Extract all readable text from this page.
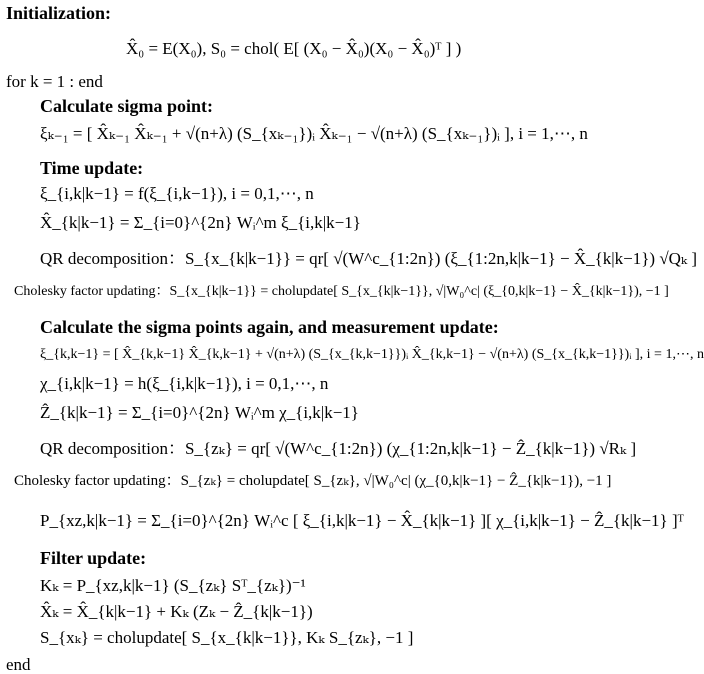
Initialization:
X̂₀ = E(X₀), S₀ = chol( E[ (X₀ − X̂₀)(X₀ − X̂₀)ᵀ ] )
for k = 1 : end
Calculate sigma point:
ξₖ₋₁ = [ X̂ₖ₋₁ X̂ₖ₋₁ + √(n+λ) (S_{xₖ₋₁})ᵢ X̂ₖ₋₁ − √(n+λ) (S_{xₖ₋₁})ᵢ ], i = 1,⋯, n
Time update:
ξ_{i,k|k−1} = f(ξ_{i,k−1}), i = 0,1,⋯, n
X̂_{k|k−1} = Σ_{i=0}^{2n} Wᵢ^m ξ_{i,k|k−1}
QR decomposition：S_{x_{k|k−1}} = qr[ √(W^c_{1:2n}) (ξ_{1:2n,k|k−1} − X̂_{k|k−1}) √Qₖ ]
Cholesky factor updating：S_{x_{k|k−1}} = cholupdate[ S_{x_{k|k−1}}, √|W₀^c| (ξ_{0,k|k−1} − X̂_{k|k−1}), −1 ]
Calculate the sigma points again, and measurement update:
ξ_{k,k−1} = [ X̂_{k,k−1} X̂_{k,k−1} + √(n+λ) (S_{x_{k,k−1}})ᵢ X̂_{k,k−1} − √(n+λ) (S_{x_{k,k−1}})ᵢ ], i = 1,⋯, n
χ_{i,k|k−1} = h(ξ_{i,k|k−1}), i = 0,1,⋯, n
Ẑ_{k|k−1} = Σ_{i=0}^{2n} Wᵢ^m χ_{i,k|k−1}
QR decomposition：S_{zₖ} = qr[ √(W^c_{1:2n}) (χ_{1:2n,k|k−1} − Ẑ_{k|k−1}) √Rₖ ]
Cholesky factor updating：S_{zₖ} = cholupdate[ S_{zₖ}, √|W₀^c| (χ_{0,k|k−1} − Ẑ_{k|k−1}), −1 ]
P_{xz,k|k−1} = Σ_{i=0}^{2n} Wᵢ^c [ ξ_{i,k|k−1} − X̂_{k|k−1} ][ χ_{i,k|k−1} − Ẑ_{k|k−1} ]ᵀ
Filter update:
Kₖ = P_{xz,k|k−1} (S_{zₖ} Sᵀ_{zₖ})⁻¹
X̂ₖ = X̂_{k|k−1} + Kₖ (Zₖ − Ẑ_{k|k−1})
S_{xₖ} = cholupdate[ S_{x_{k|k−1}}, Kₖ S_{zₖ}, −1 ]
end
